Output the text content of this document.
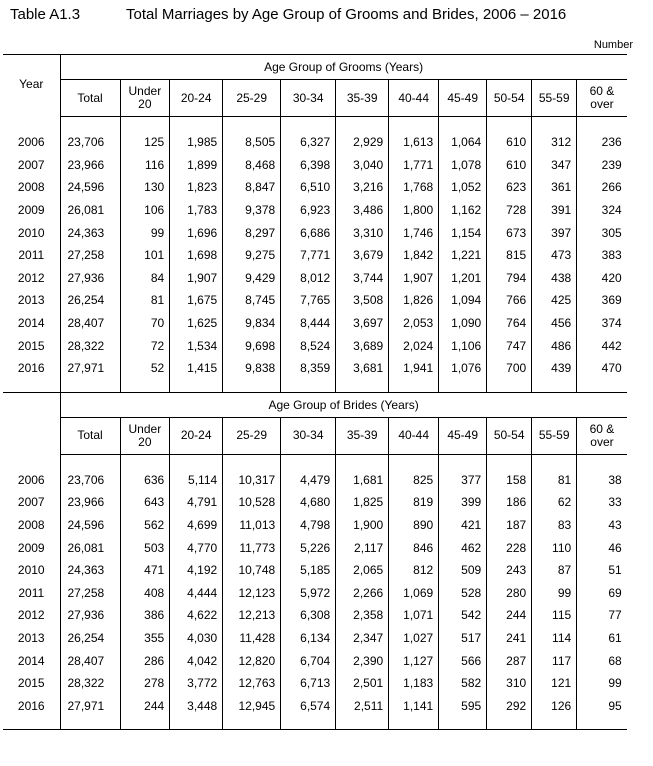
Table A1.3	Total Marriages by Age Group of Grooms and Brides, 2006 – 2016
Number
Year	Age Group of Grooms (Years)										
	Total	Under 20	20-24	25-29	30-34	35-39	40-44	45-49	50-54	55-59	60 & over

2006	23,706	125	1,985	8,505	6,327	2,929	1,613	1,064	610	312	236
2007	23,966	116	1,899	8,468	6,398	3,040	1,771	1,078	610	347	239
2008	24,596	130	1,823	8,847	6,510	3,216	1,768	1,052	623	361	266
2009	26,081	106	1,783	9,378	6,923	3,486	1,800	1,162	728	391	324
2010	24,363	99	1,696	8,297	6,686	3,310	1,746	1,154	673	397	305
2011	27,258	101	1,698	9,275	7,771	3,679	1,842	1,221	815	473	383
2012	27,936	84	1,907	9,429	8,012	3,744	1,907	1,201	794	438	420
2013	26,254	81	1,675	8,745	7,765	3,508	1,826	1,094	766	425	369
2014	28,407	70	1,625	9,834	8,444	3,697	2,053	1,090	764	456	374
2015	28,322	72	1,534	9,698	8,524	3,689	2,024	1,106	747	486	442
2016	27,971	52	1,415	9,838	8,359	3,681	1,941	1,076	700	439	470

	Age Group of Brides (Years)										
	Total	Under 20	20-24	25-29	30-34	35-39	40-44	45-49	50-54	55-59	60 & over

2006	23,706	636	5,114	10,317	4,479	1,681	825	377	158	81	38
2007	23,966	643	4,791	10,528	4,680	1,825	819	399	186	62	33
2008	24,596	562	4,699	11,013	4,798	1,900	890	421	187	83	43
2009	26,081	503	4,770	11,773	5,226	2,117	846	462	228	110	46
2010	24,363	471	4,192	10,748	5,185	2,065	812	509	243	87	51
2011	27,258	408	4,444	12,123	5,972	2,266	1,069	528	280	99	69
2012	27,936	386	4,622	12,213	6,308	2,358	1,071	542	244	115	77
2013	26,254	355	4,030	11,428	6,134	2,347	1,027	517	241	114	61
2014	28,407	286	4,042	12,820	6,704	2,390	1,127	566	287	117	68
2015	28,322	278	3,772	12,763	6,713	2,501	1,183	582	310	121	99
2016	27,971	244	3,448	12,945	6,574	2,511	1,141	595	292	126	95
